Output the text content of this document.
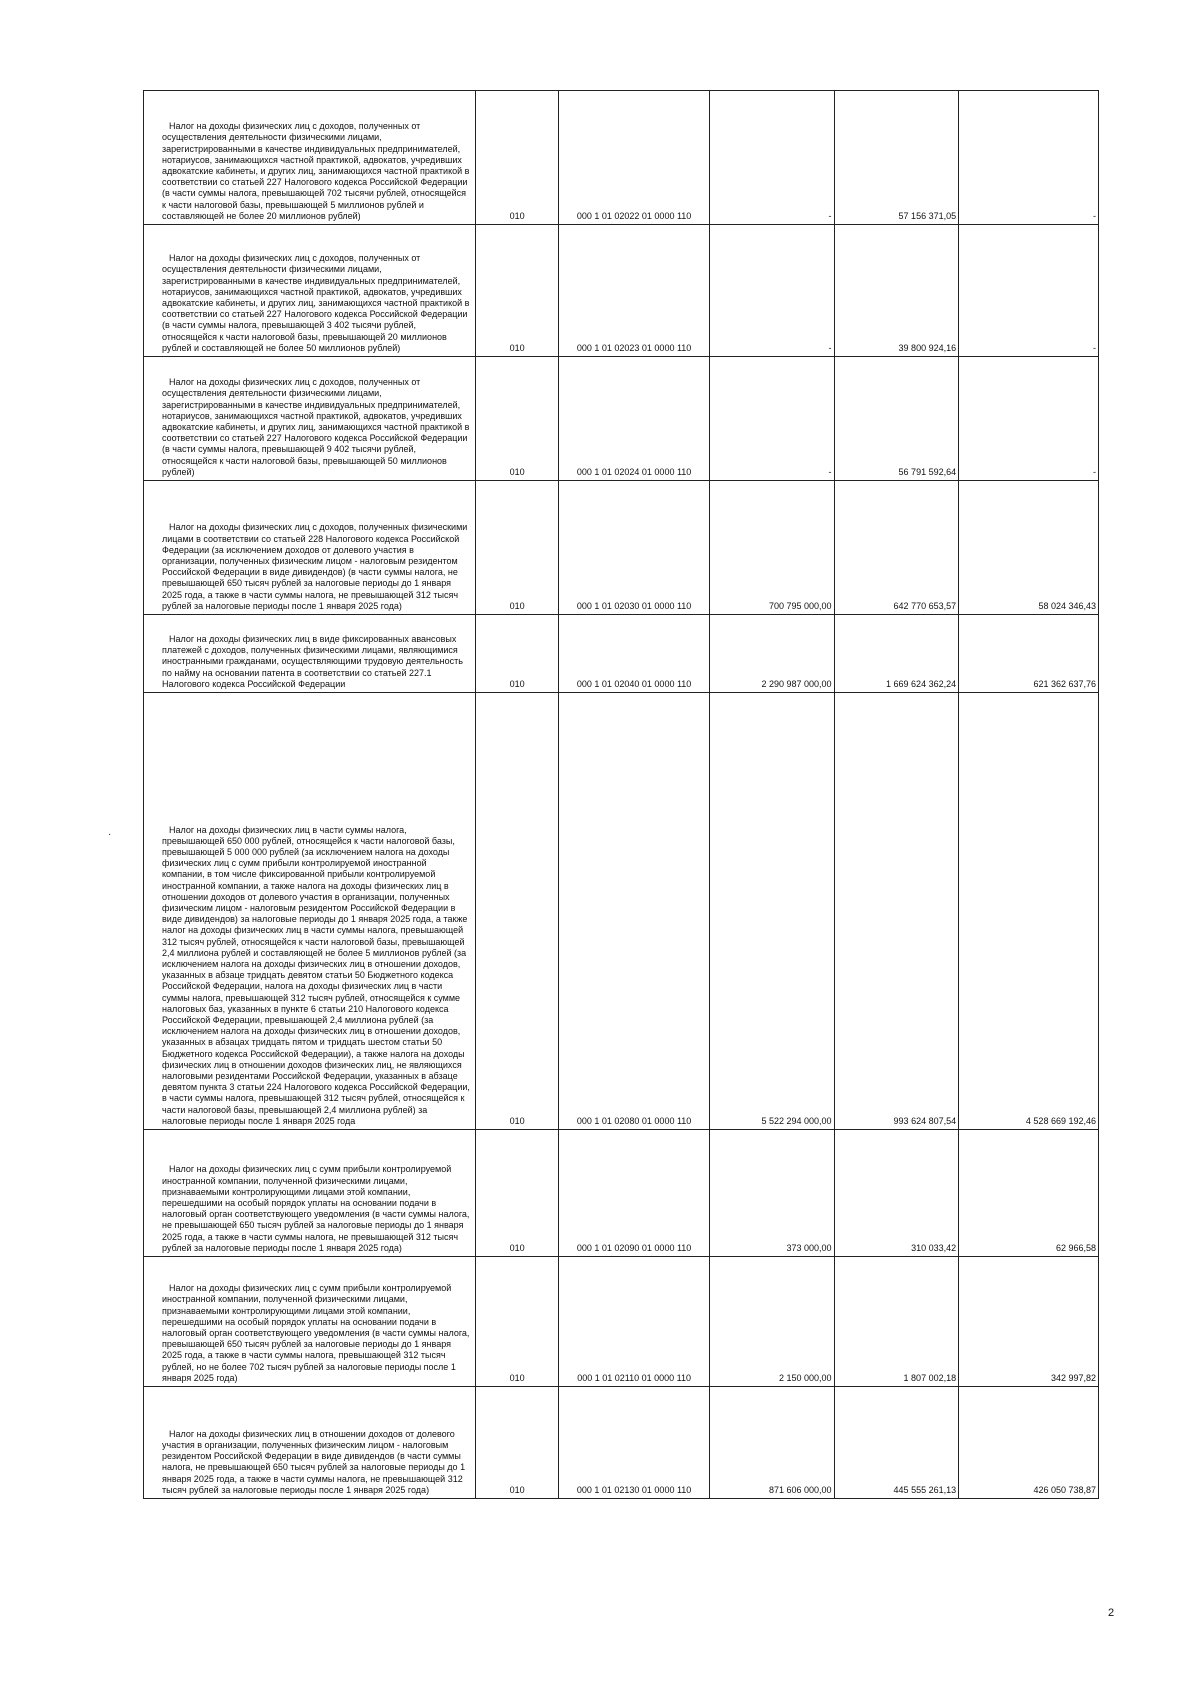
Налог на доходы физических лиц с доходов, полученных от осуществления деятельности физическими лицами, зарегистрированными в качестве индивидуальных предпринимателей, нотариусов, занимающихся частной практикой, адвокатов, учредивших адвокатские кабинеты, и других лиц, занимающихся частной практикой в соответствии со статьей 227 Налогового кодекса Российской Федерации (в части суммы налога, превышающей 702 тысячи рублей, относящейся к части налоговой базы, превышающей 5 миллионов рублей и составляющей не более 20 миллионов рублей)	010	000 1 01 02022 01 0000 110	-	57 156 371,05	-

Налог на доходы физических лиц с доходов, полученных от осуществления деятельности физическими лицами, зарегистрированными в качестве индивидуальных предпринимателей, нотариусов, занимающихся частной практикой, адвокатов, учредивших адвокатские кабинеты, и других лиц, занимающихся частной практикой в соответствии со статьей 227 Налогового кодекса Российской Федерации (в части суммы налога, превышающей 3 402 тысячи рублей, относящейся к части налоговой базы, превышающей 20 миллионов рублей и составляющей не более 50 миллионов рублей)	010	000 1 01 02023 01 0000 110	-	39 800 924,16	-

Налог на доходы физических лиц с доходов, полученных от осуществления деятельности физическими лицами, зарегистрированными в качестве индивидуальных предпринимателей, нотариусов, занимающихся частной практикой, адвокатов, учредивших адвокатские кабинеты, и других лиц, занимающихся частной практикой в соответствии со статьей 227 Налогового кодекса Российской Федерации (в части суммы налога, превышающей 9 402 тысячи рублей, относящейся к части налоговой базы, превышающей 50 миллионов рублей)	010	000 1 01 02024 01 0000 110	-	56 791 592,64	-

Налог на доходы физических лиц с доходов, полученных физическими лицами в соответствии со статьей 228 Налогового кодекса Российской Федерации (за исключением доходов от долевого участия в организации, полученных физическим лицом - налоговым резидентом Российской Федерации в виде дивидендов) (в части суммы налога, не превышающей 650 тысяч рублей за налоговые периоды до 1 января 2025 года, а также в части суммы налога, не превышающей 312 тысяч рублей за налоговые периоды после 1 января 2025 года)	010	000 1 01 02030 01 0000 110	700 795 000,00	642 770 653,57	58 024 346,43

Налог на доходы физических лиц в виде фиксированных авансовых платежей с доходов, полученных физическими лицами, являющимися иностранными гражданами, осуществляющими трудовую деятельность по найму на основании патента в соответствии со статьей 227.1 Налогового кодекса Российской Федерации	010	000 1 01 02040 01 0000 110	2 290 987 000,00	1 669 624 362,24	621 362 637,76

Налог на доходы физических лиц в части суммы налога, превышающей 650 000 рублей, относящейся к части налоговой базы, превышающей 5 000 000 рублей (за исключением налога на доходы физических лиц с сумм прибыли контролируемой иностранной компании, в том числе фиксированной прибыли контролируемой иностранной компании, а также налога на доходы физических лиц в отношении доходов от долевого участия в организации, полученных физическим лицом - налоговым резидентом Российской Федерации в виде дивидендов) за налоговые периоды до 1 января 2025 года, а также налог на доходы физических лиц в части суммы налога, превышающей 312 тысяч рублей, относящейся к части налоговой базы, превышающей 2,4 миллиона рублей и составляющей не более 5 миллионов рублей (за исключением налога на доходы физических лиц в отношении доходов, указанных в абзаце тридцать девятом статьи 50 Бюджетного кодекса Российской Федерации, налога на доходы физических лиц в части суммы налога, превышающей 312 тысяч рублей, относящейся к сумме налоговых баз, указанных в пункте 6 статьи 210 Налогового кодекса Российской Федерации, превышающей 2,4 миллиона рублей (за исключением налога на доходы физических лиц в отношении доходов, указанных в абзацах тридцать пятом и тридцать шестом статьи 50 Бюджетного кодекса Российской Федерации), а также налога на доходы физических лиц в отношении доходов физических лиц, не являющихся налоговыми резидентами Российской Федерации, указанных в абзаце девятом пункта 3 статьи 224 Налогового кодекса Российской Федерации, в части суммы налога, превышающей 312 тысяч рублей, относящейся к части налоговой базы, превышающей 2,4 миллиона рублей) за налоговые периоды после 1 января 2025 года	010	000 1 01 02080 01 0000 110	5 522 294 000,00	993 624 807,54	4 528 669 192,46

Налог на доходы физических лиц с сумм прибыли контролируемой иностранной компании, полученной физическими лицами, признаваемыми контролирующими лицами этой компании, перешедшими на особый порядок уплаты на основании подачи в налоговый орган соответствующего уведомления (в части суммы налога, не превышающей 650 тысяч рублей за налоговые периоды до 1 января 2025 года, а также в части суммы налога, не превышающей 312 тысяч рублей за налоговые периоды после 1 января 2025 года)	010	000 1 01 02090 01 0000 110	373 000,00	310 033,42	62 966,58

Налог на доходы физических лиц с сумм прибыли контролируемой иностранной компании, полученной физическими лицами, признаваемыми контролирующими лицами этой компании, перешедшими на особый порядок уплаты на основании подачи в налоговый орган соответствующего уведомления (в части суммы налога, превышающей 650 тысяч рублей за налоговые периоды до 1 января 2025 года, а также в части суммы налога, превышающей 312 тысяч рублей, но не более 702 тысяч рублей за налоговые периоды после 1 января 2025 года)	010	000 1 01 02110 01 0000 110	2 150 000,00	1 807 002,18	342 997,82

Налог на доходы физических лиц в отношении доходов от долевого участия в организации, полученных физическим лицом - налоговым резидентом Российской Федерации в виде дивидендов (в части суммы налога, не превышающей 650 тысяч рублей за налоговые периоды до 1 января 2025 года, а также в части суммы налога, не превышающей 312 тысяч рублей за налоговые периоды после 1 января 2025 года)	010	000 1 01 02130 01 0000 110	871 606 000,00	445 555 261,13	426 050 738,87
·
2
